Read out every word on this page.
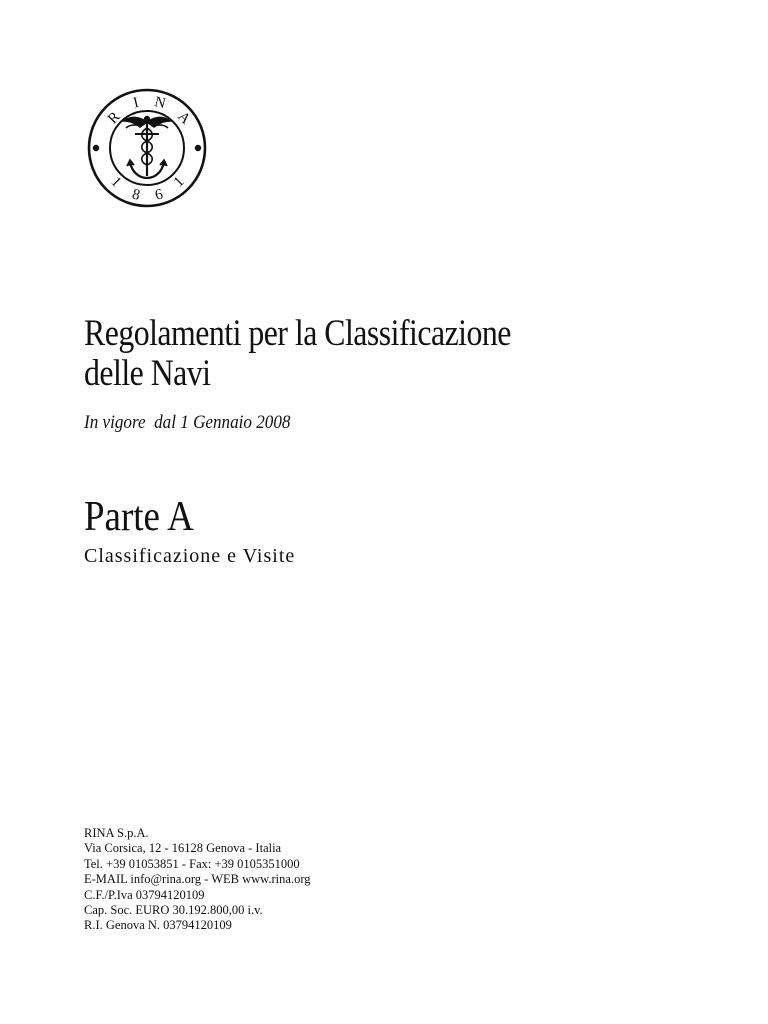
R
I N
A
1
8 6
1
Regolamenti per la Classificazione
delle Navi
In vigore  dal 1 Gennaio 2008
Parte A
Classificazione e Visite
RINA S.p.A.
Via Corsica, 12 - 16128 Genova - Italia
Tel. +39 01053851 - Fax: +39 0105351000
E-MAIL info@rina.org - WEB www.rina.org
C.F./P.Iva 03794120109
Cap. Soc. EURO 30.192.800,00 i.v.
R.I. Genova N. 03794120109
